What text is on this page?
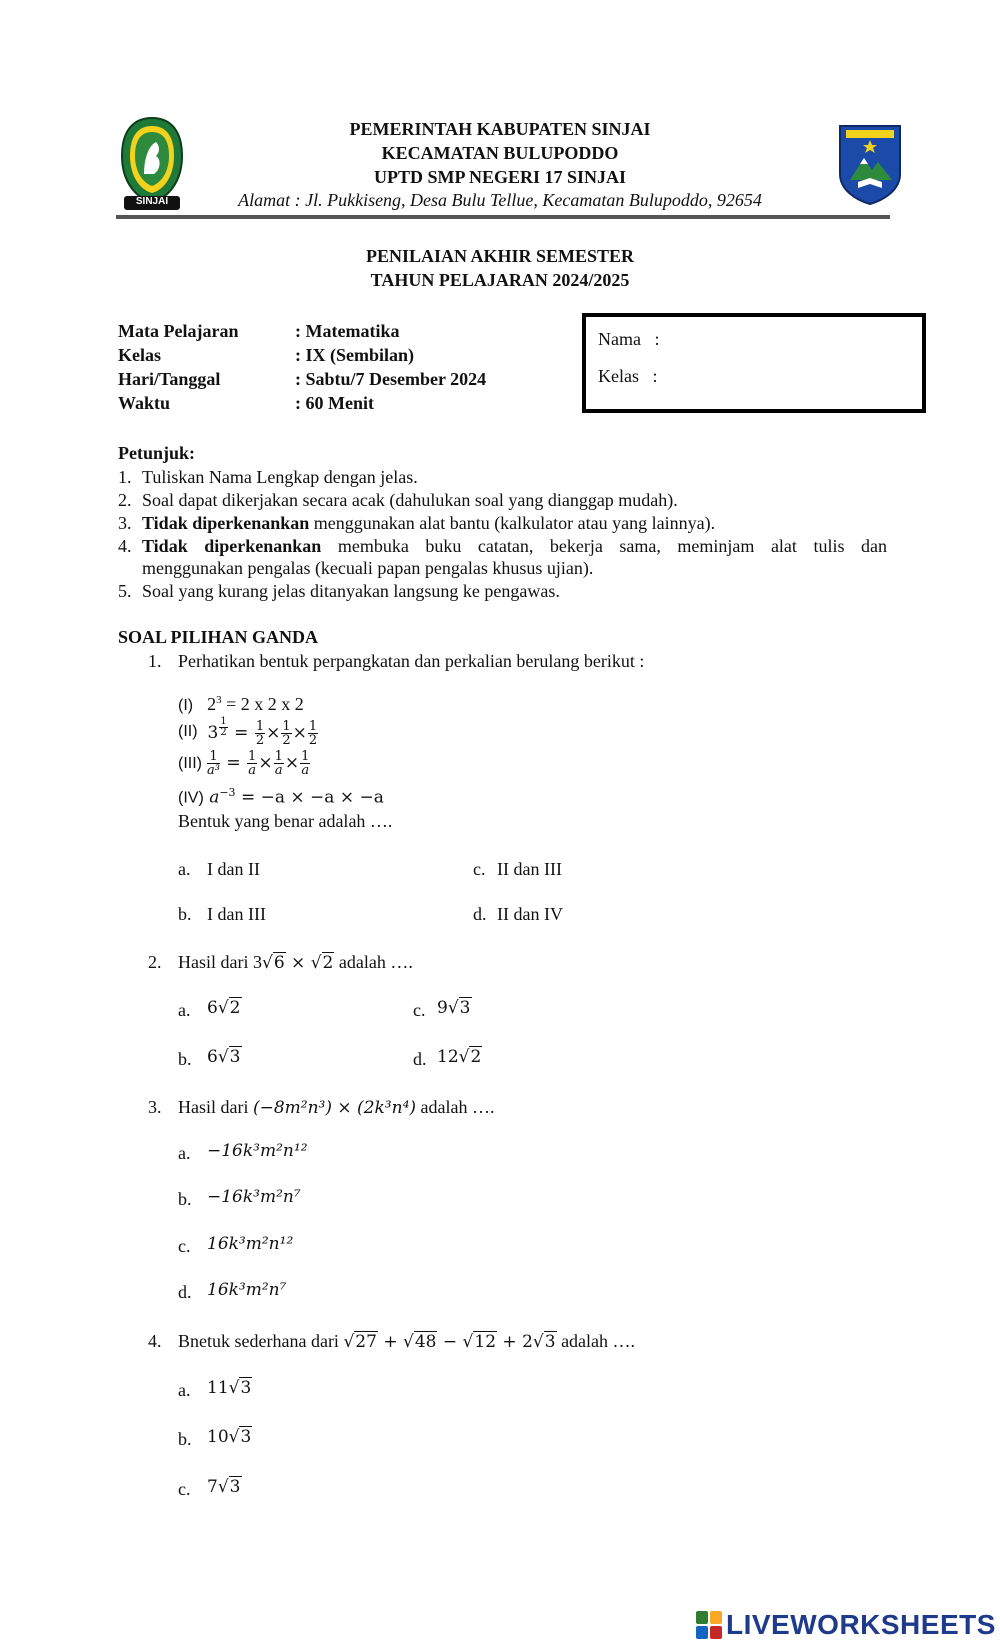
SINJAI
PEMERINTAH KABUPATEN SINJAI
KECAMATAN BULUPODDO
UPTD SMP NEGERI 17 SINJAI
Alamat : Jl. Pukkiseng, Desa Bulu Tellue, Kecamatan Bulupoddo, 92654
PENILAIAN AKHIR SEMESTER
TAHUN PELAJARAN 2024/2025
Mata Pelajaran	: Matematika
Kelas	: IX (Sembilan)
Hari/Tanggal	: Sabtu/7 Desember 2024
Waktu	: 60 Menit
Nama   :
Kelas   :
Petunjuk:
1. Tuliskan Nama Lengkap dengan jelas.
2. Soal dapat dikerjakan secara acak (dahulukan soal yang dianggap mudah).
3. Tidak diperkenankan menggunakan alat bantu (kalkulator atau yang lainnya).
4. Tidak diperkenankan membuka buku catatan, bekerja sama, meminjam alat tulis dan
menggunakan pengalas (kecuali papan pengalas khusus ujian).
5. Soal yang kurang jelas ditanyakan langsung ke pengawas.
SOAL PILIHAN GANDA
1. Perhatikan bentuk perpangkatan dan perkalian berulang berikut :
(I) $2^3 = 2$ x 2 x 2
(II) 3 $^{\frac{1}{2}} = \frac{1}{2} \times \frac{1}{2} \times \frac{1}{2}$
$(III) \frac{1}{\text{a³}} = \frac{1}{a} \times \frac{1}{a} \times \frac{1}{a}$
(IV) $a^{-3} = -a \times -a \times -a$
Bentuk yang benar adalah ….
a. I dan II
b. I dan III
c. II dan III
d. II dan IV
2. Hasil dari 3√6 × √2 adalah ….
a. 6√2
b. 6√3
c. 9√3
d. 12√2
3. Hasil dari (−8m²n³) × (2k³n⁴) adalah ….
a. −16k³m²n¹²
b. −16k³m²n⁷
c. 16k³m²n¹²
d. 16k³m²n⁷
4. Bnetuk sederhana dari √27 + √48 − √12 + 2√3 adalah ….
a. 11√3
b. 10√3
c. 7√3
LIVEWORKSHEETS
